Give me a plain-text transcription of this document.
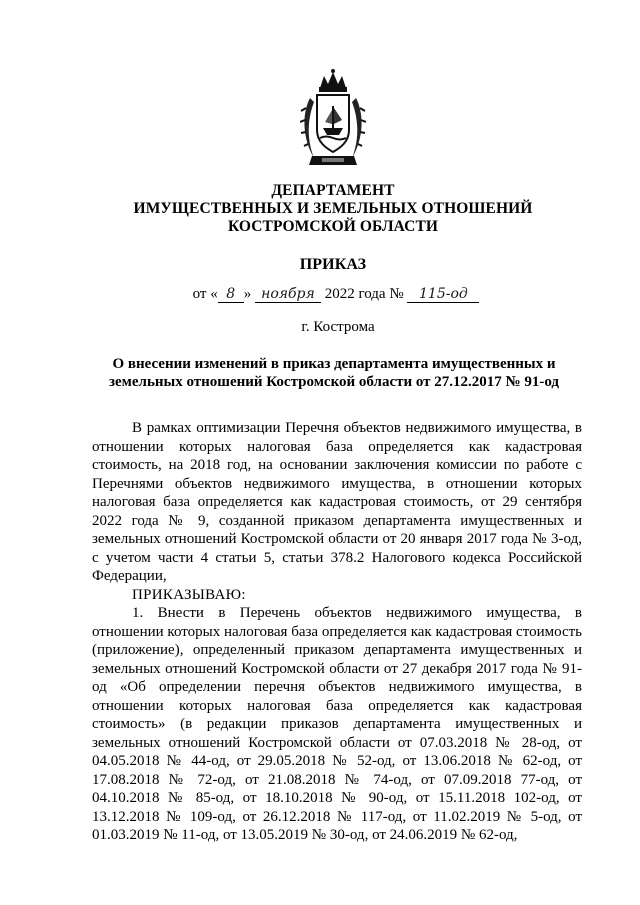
ДЕПАРТАМЕНТ
ИМУЩЕСТВЕННЫХ И ЗЕМЕЛЬНЫХ ОТНОШЕНИЙ
КОСТРОМСКОЙ ОБЛАСТИ
ПРИКАЗ
от « 8 » ноября 2022 года № 115-од
г. Кострома
О внесении изменений в приказ департамента имущественных и
земельных отношений Костромской области от 27.12.2017 № 91-од

В рамках оптимизации Перечня объектов недвижимого имущества, в отношении которых налоговая база определяется как кадастровая стоимость, на 2018 год, на основании заключения комиссии по работе с Перечнями объектов недвижимого имущества, в отношении которых налоговая база определяется как кадастровая стоимость, от 29 сентября 2022 года № 9, созданной приказом департамента имущественных и земельных отношений Костромской области от 20 января 2017 года № 3-од, с учетом части 4 статьи 5, статьи 378.2 Налогового кодекса Российской Федерации,

ПРИКАЗЫВАЮ:

1. Внести в Перечень объектов недвижимого имущества, в отношении которых налоговая база определяется как кадастровая стоимость (приложение), определенный приказом департамента имущественных и земельных отношений Костромской области от 27 декабря 2017 года № 91-од «Об определении перечня объектов недвижимого имущества, в отношении которых налоговая база определяется как кадастровая стоимость» (в редакции приказов департамента имущественных и земельных отношений Костромской области от 07.03.2018 № 28-од, от 04.05.2018 № 44-од, от 29.05.2018 № 52-од, от 13.06.2018 № 62-од, от 17.08.2018 № 72-од, от 21.08.2018 № 74-од, от 07.09.2018 77-од, от 04.10.2018 № 85-од, от 18.10.2018 № 90-од, от 15.11.2018 102-од, от 13.12.2018 № 109-од, от 26.12.2018 № 117-од, от 11.02.2019 № 5-од, от 01.03.2019 № 11-од, от 13.05.2019 № 30-од, от 24.06.2019 № 62-од,
